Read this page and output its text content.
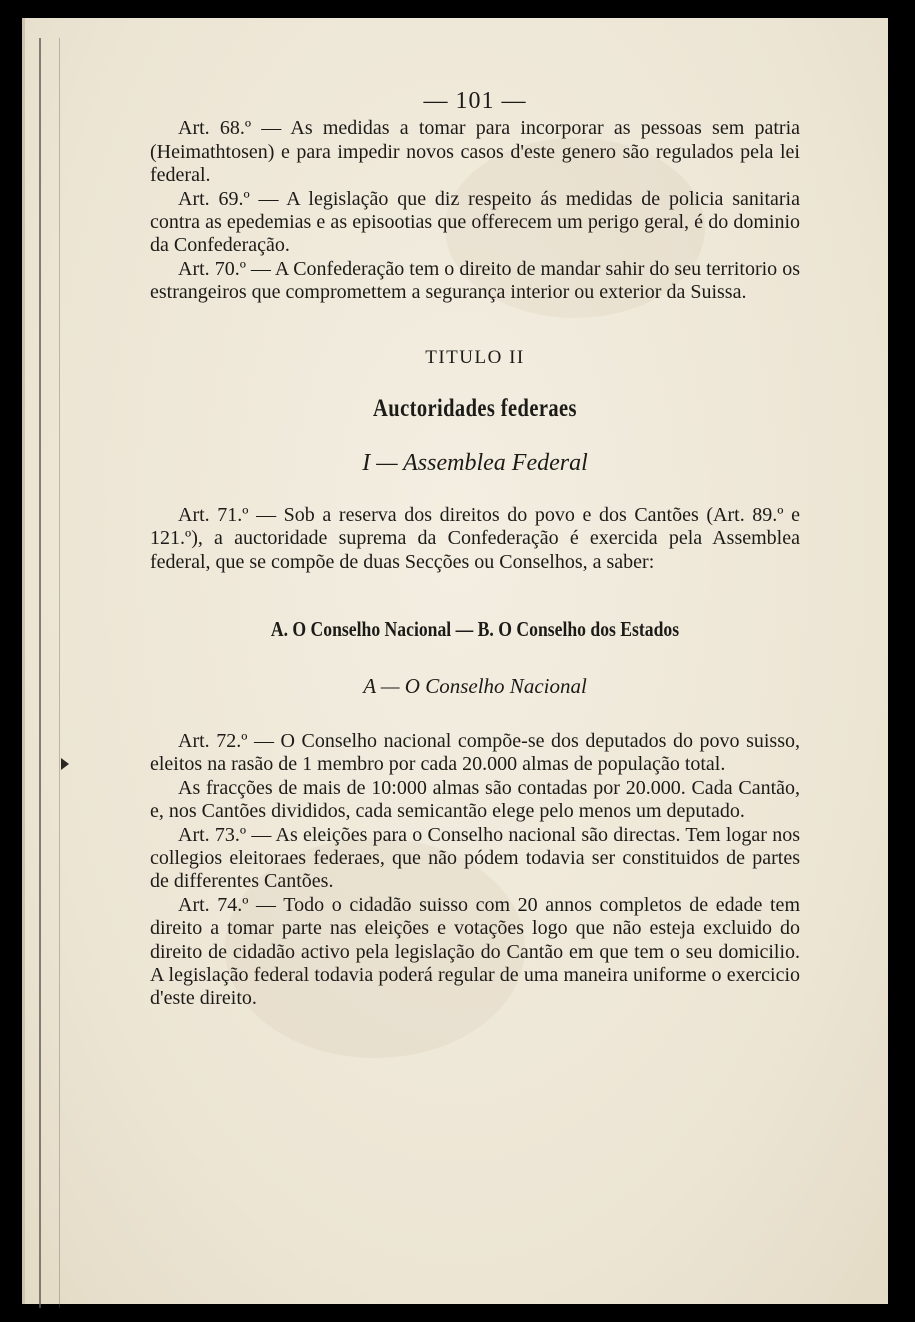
— 101 —

Art. 68.º — As medidas a tomar para incorporar as pessoas sem patria (Heimathtosen) e para impedir novos casos d'este genero são regulados pela lei federal.

Art. 69.º — A legislação que diz respeito ás medidas de policia sanitaria contra as epedemias e as episootias que offerecem um perigo geral, é do dominio da Confederação.

Art. 70.º — A Confederação tem o direito de mandar sahir do seu territorio os estrangeiros que compromettem a segurança interior ou exterior da Suissa.

TITULO II
Auctoridades federaes
I — Assemblea Federal

Art. 71.º — Sob a reserva dos direitos do povo e dos Cantões (Art. 89.º e 121.º), a auctoridade suprema da Confederação é exercida pela Assemblea federal, que se compõe de duas Secções ou Conselhos, a saber:

A. O Conselho Nacional — B. O Conselho dos Estados
A — O Conselho Nacional

Art. 72.º — O Conselho nacional compõe-se dos deputados do povo suisso, eleitos na rasão de 1 membro por cada 20.000 almas de população total.

As fracções de mais de 10:000 almas são contadas por 20.000. Cada Cantão, e, nos Cantões divididos, cada semicantão elege pelo menos um deputado.

Art. 73.º — As eleições para o Conselho nacional são directas. Tem logar nos collegios eleitoraes federaes, que não pódem todavia ser constituidos de partes de differentes Cantões.

Art. 74.º — Todo o cidadão suisso com 20 annos completos de edade tem direito a tomar parte nas eleições e votações logo que não esteja excluido do direito de cidadão activo pela legislação do Cantão em que tem o seu domicilio. A legislação federal todavia poderá regular de uma maneira uniforme o exercicio d'este direito.
